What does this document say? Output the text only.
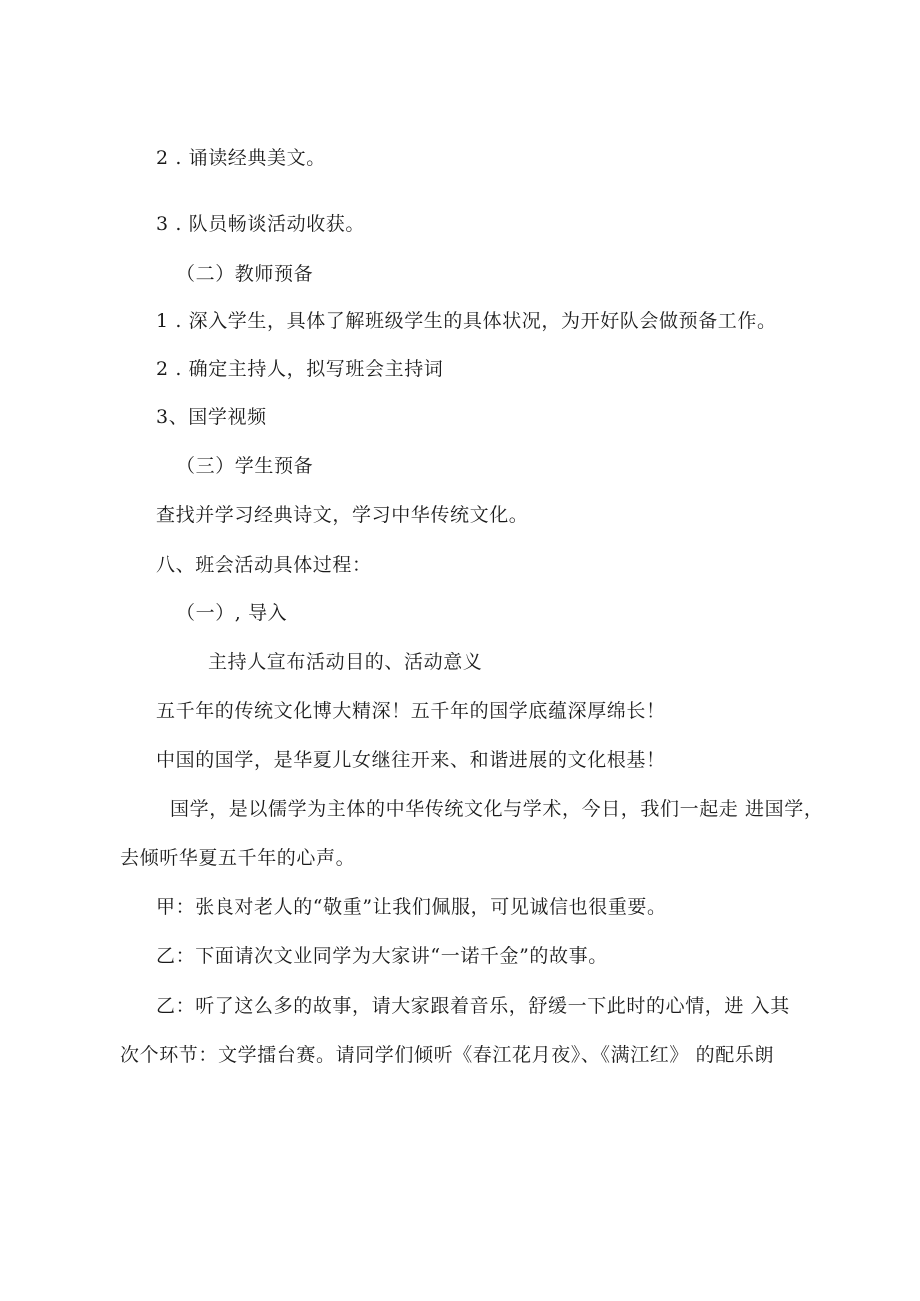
2 . 诵读经典美文。
3 . 队员畅谈活动收获。
（二）教师预备
1 . 深入学生，具体了解班级学生的具体状况，为开好队会做预备工作。
2 . 确定主持人，拟写班会主持词
3、国学视频
（三）学生预备
查找并学习经典诗文，学习中华传统文化。
八、班会活动具体过程：
（一）, 导入
主持人宣布活动目的、活动意义
五千年的传统文化博大精深！五千年的国学底蕴深厚绵长！
中国的国学，是华夏儿女继往开来、和谐进展的文化根基！
国学，是以儒学为主体的中华传统文化与学术，今日，我们一起走 进国学，
去倾听华夏五千年的心声。
甲：张良对老人的“敬重”让我们佩服，可见诚信也很重要。
乙：下面请次文业同学为大家讲“一诺千金”的故事。
乙：听了这么多的故事，请大家跟着音乐，舒缓一下此时的心情，进 入其
次个环节：文学擂台赛。请同学们倾听《春江花月夜》、《满江红》 的配乐朗
